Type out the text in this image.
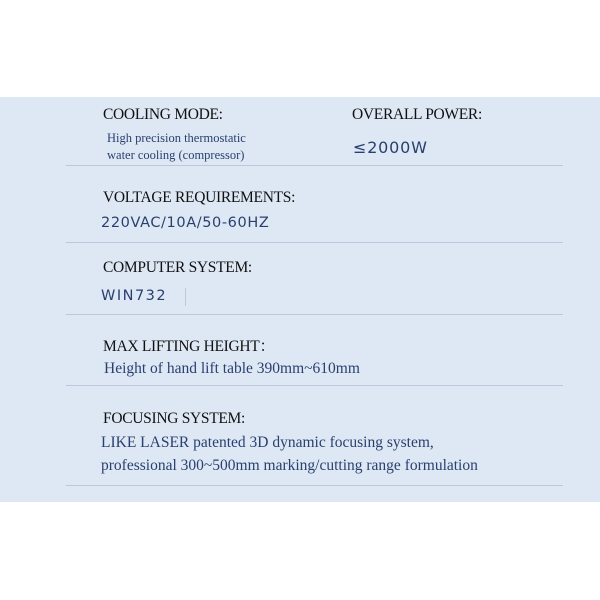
COOLING MODE:
High precision thermostatic
water cooling (compressor)
OVERALL POWER:
≤2000W
VOLTAGE REQUIREMENTS:
220VAC/10A/50-60HZ
COMPUTER SYSTEM:
WIN732
MAX LIFTING HEIGHT：
Height of hand lift table 390mm~610mm
FOCUSING SYSTEM:
LIKE LASER patented 3D dynamic focusing system,
professional 300~500mm marking/cutting range formulation
